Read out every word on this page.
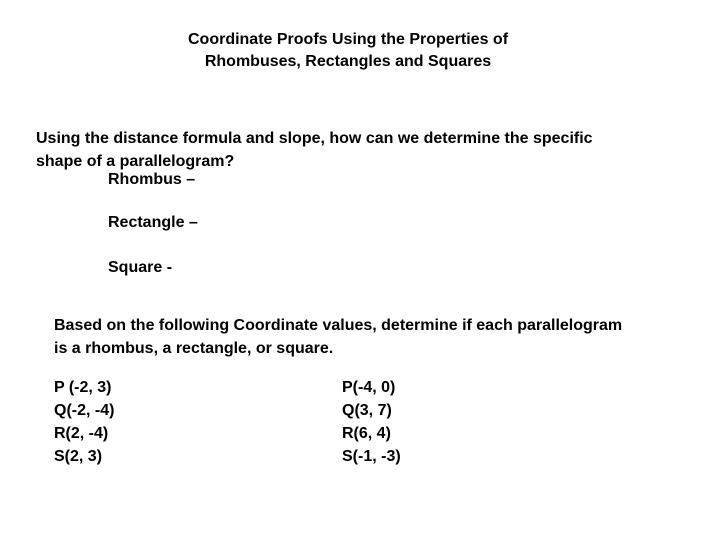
Coordinate Proofs Using the Properties of
Rhombuses, Rectangles and Squares

Using the distance formula and slope, how can we determine the specific

shape of a parallelogram?

Rhombus –
Rectangle –
Square -

Based on the following Coordinate values, determine if each parallelogram

is a rhombus, a rectangle, or square.

P (-2, 3)
Q(-2, -4)
R(2, -4)
S(2, 3)
P(-4, 0)
Q(3, 7)
R(6, 4)
S(-1, -3)
